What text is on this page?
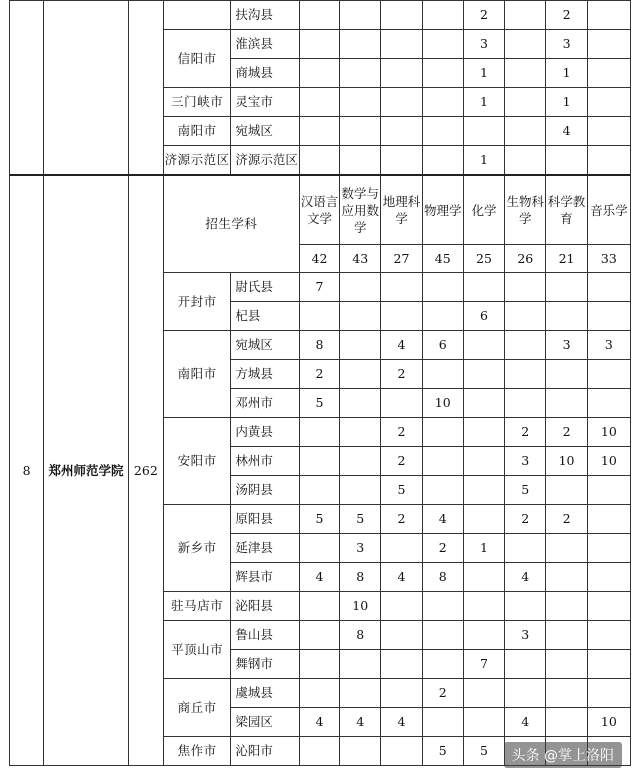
				扶沟县					2		2	
			信阳市	淮滨县					3		3	
				商城县					1		1	
			三门峡市	灵宝市					1		1	
			南阳市	宛城区							4	
			济源示范区	济源示范区					1			
8	郑州师范学院	262	招生学科		汉语言文学	数学与应用数学	地理科学	物理学	化学	生物科学	科学教育	音乐学
					42	43	27	45	25	26	21	33
			开封市	尉氏县	7							
				杞县					6			
			南阳市	宛城区	8		4	6			3	3
				方城县	2		2					
				邓州市	5			10				
			安阳市	内黄县			2			2	2	10
				林州市			2			3	10	10
				汤阴县			5			5		
			新乡市	原阳县	5	5	2	4		2	2	
				延津县		3		2	1			
				辉县市	4	8	4	8		4		
			驻马店市	泌阳县		10						
			平顶山市	鲁山县		8				3		
				舞钢市					7			
			商丘市	虞城县				2				
				梁园区	4	4	4			4		10
			焦作市	沁阳市				5	5				头条 @掌上洛阳
